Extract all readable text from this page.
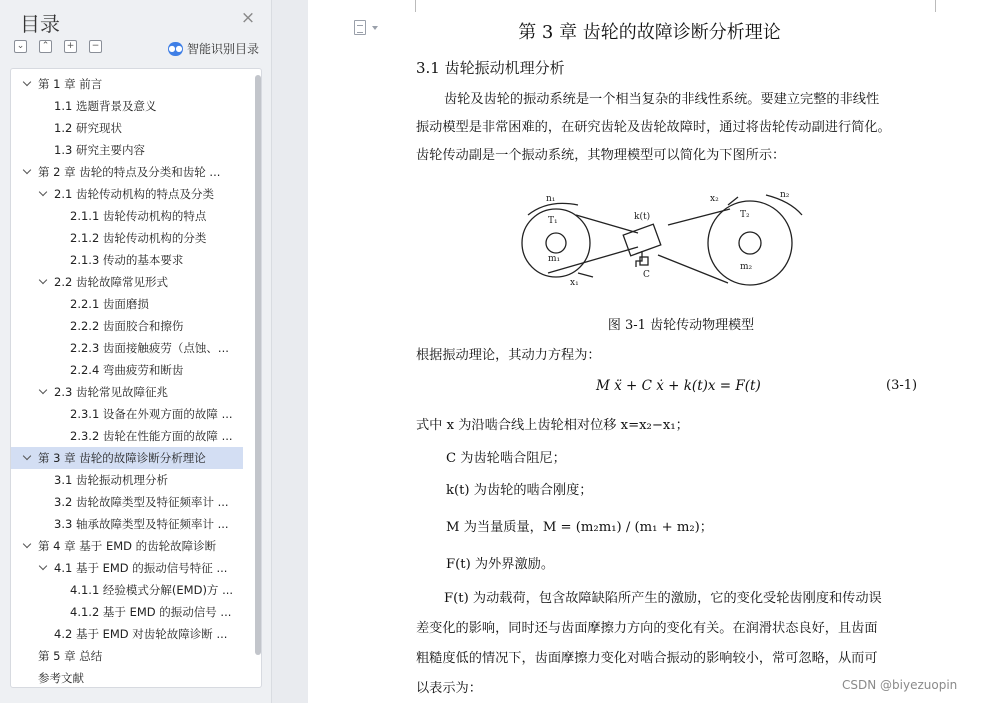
目录	×
⌄	⌃	+	−	●● 智能识别目录
第 1 章 前言
1.1 选题背景及意义
1.2 研究现状
1.3 研究主要内容
第 2 章 齿轮的特点及分类和齿轮 ...
2.1 齿轮传动机构的特点及分类
2.1.1 齿轮传动机构的特点
2.1.2 齿轮传动机构的分类
2.1.3 传动的基本要求
2.2 齿轮故障常见形式
2.2.1 齿面磨损
2.2.2 齿面胶合和擦伤
2.2.3 齿面接触疲劳（点蚀、...
2.2.4 弯曲疲劳和断齿
2.3 齿轮常见故障征兆
2.3.1 设备在外观方面的故障 ...
2.3.2 齿轮在性能方面的故障 ...
第 3 章 齿轮的故障诊断分析理论
3.1 齿轮振动机理分析
3.2 齿轮故障类型及特征频率计 ...
3.3 轴承故障类型及特征频率计 ...
第 4 章 基于 EMD 的齿轮故障诊断
4.1 基于 EMD 的振动信号特征 ...
4.1.1 经验模式分解(EMD)方 ...
4.1.2 基于 EMD 的振动信号 ...
4.2 基于 EMD 对齿轮故障诊断 ...
第 5 章 总结
参考文献
第 3 章 齿轮的故障诊断分析理论
3.1 齿轮振动机理分析
齿轮及齿轮的振动系统是一个相当复杂的非线性系统。要建立完整的非线性
振动模型是非常困难的，在研究齿轮及齿轮故障时，通过将齿轮传动副进行简化。
齿轮传动副是一个振动系统，其物理模型可以简化为下图所示：
n₁	n₂
T₁
T₂
k(t)
m₁
m₂
x₁
x₂
C
图 3-1 齿轮传动物理模型
根据振动理论，其动力方程为：
M ẍ + C ẋ + k(t)x = F(t)	(3-1)
式中 x 为沿啮合线上齿轮相对位移 x=x₂−x₁；
C 为齿轮啮合阻尼；
k(t) 为齿轮的啮合刚度；
M 为当量质量，M = (m₂m₁) / (m₁ + m₂)；
F(t) 为外界激励。
F(t) 为动载荷，包含故障缺陷所产生的激励，它的变化受轮齿刚度和传动误
差变化的影响，同时还与齿面摩擦力方向的变化有关。在润滑状态良好，且齿面
粗糙度低的情况下，齿面摩擦力变化对啮合振动的影响较小，常可忽略，从而可
以表示为：	CSDN @biyezuopin
